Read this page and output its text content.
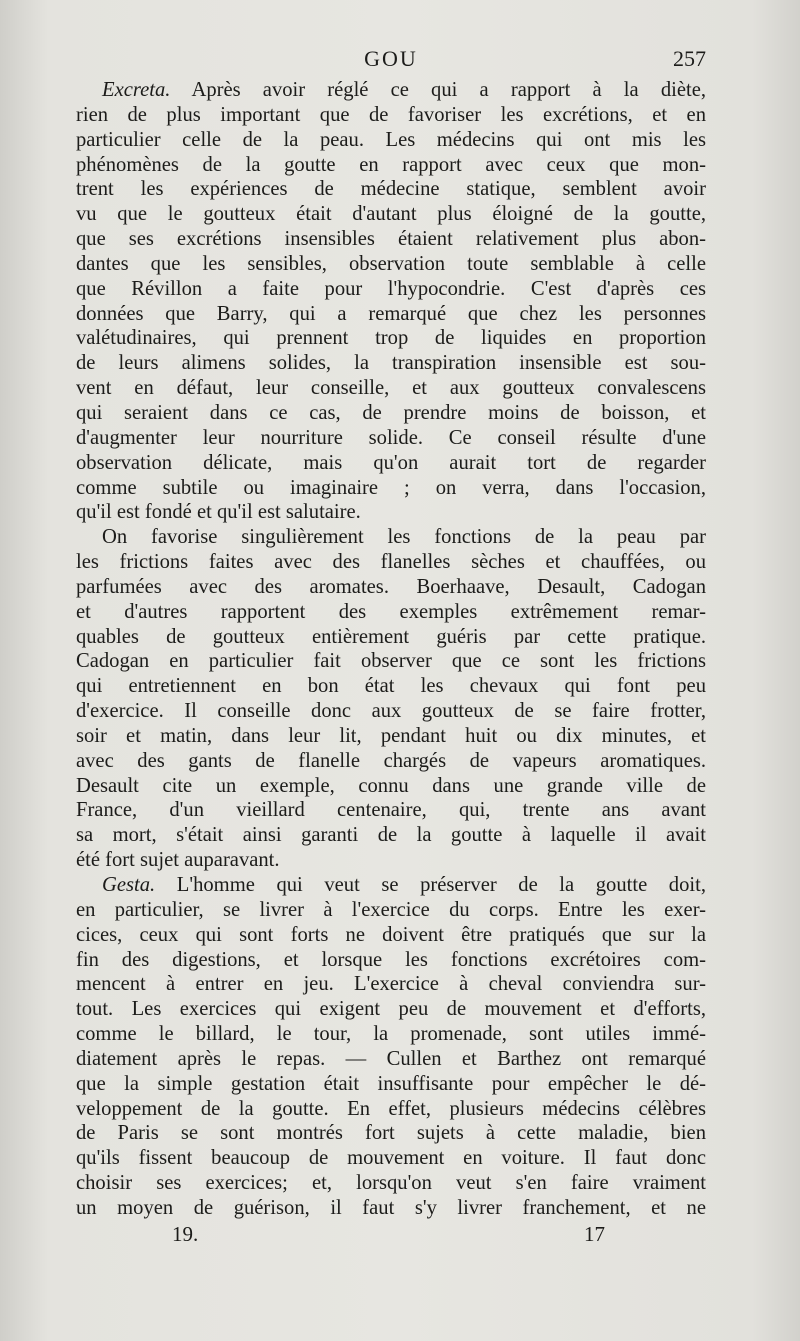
GOU	257
Excreta. Après avoir réglé ce qui a rapport à la diète,
rien de plus important que de favoriser les excrétions, et en
particulier celle de la peau. Les médecins qui ont mis les
phénomènes de la goutte en rapport avec ceux que mon-
trent les expériences de médecine statique, semblent avoir
vu que le goutteux était d'autant plus éloigné de la goutte,
que ses excrétions insensibles étaient relativement plus abon-
dantes que les sensibles, observation toute semblable à celle
que Révillon a faite pour l'hypocondrie. C'est d'après ces
données que Barry, qui a remarqué que chez les personnes
valétudinaires, qui prennent trop de liquides en proportion
de leurs alimens solides, la transpiration insensible est sou-
vent en défaut, leur conseille, et aux goutteux convalescens
qui seraient dans ce cas, de prendre moins de boisson, et
d'augmenter leur nourriture solide. Ce conseil résulte d'une
observation délicate, mais qu'on aurait tort de regarder
comme subtile ou imaginaire ; on verra, dans l'occasion,
qu'il est fondé et qu'il est salutaire.
On favorise singulièrement les fonctions de la peau par
les frictions faites avec des flanelles sèches et chauffées, ou
parfumées avec des aromates. Boerhaave, Desault, Cadogan
et d'autres rapportent des exemples extrêmement remar-
quables de goutteux entièrement guéris par cette pratique.
Cadogan en particulier fait observer que ce sont les frictions
qui entretiennent en bon état les chevaux qui font peu
d'exercice. Il conseille donc aux goutteux de se faire frotter,
soir et matin, dans leur lit, pendant huit ou dix minutes, et
avec des gants de flanelle chargés de vapeurs aromatiques.
Desault cite un exemple, connu dans une grande ville de
France, d'un vieillard centenaire, qui, trente ans avant
sa mort, s'était ainsi garanti de la goutte à laquelle il avait
été fort sujet auparavant.
Gesta. L'homme qui veut se préserver de la goutte doit,
en particulier, se livrer à l'exercice du corps. Entre les exer-
cices, ceux qui sont forts ne doivent être pratiqués que sur la
fin des digestions, et lorsque les fonctions excrétoires com-
mencent à entrer en jeu. L'exercice à cheval conviendra sur-
tout. Les exercices qui exigent peu de mouvement et d'efforts,
comme le billard, le tour, la promenade, sont utiles immé-
diatement après le repas. — Cullen et Barthez ont remarqué
que la simple gestation était insuffisante pour empêcher le dé-
veloppement de la goutte. En effet, plusieurs médecins célèbres
de Paris se sont montrés fort sujets à cette maladie, bien
qu'ils fissent beaucoup de mouvement en voiture. Il faut donc
choisir ses exercices; et, lorsqu'on veut s'en faire vraiment
un moyen de guérison, il faut s'y livrer franchement, et ne
19.	17
